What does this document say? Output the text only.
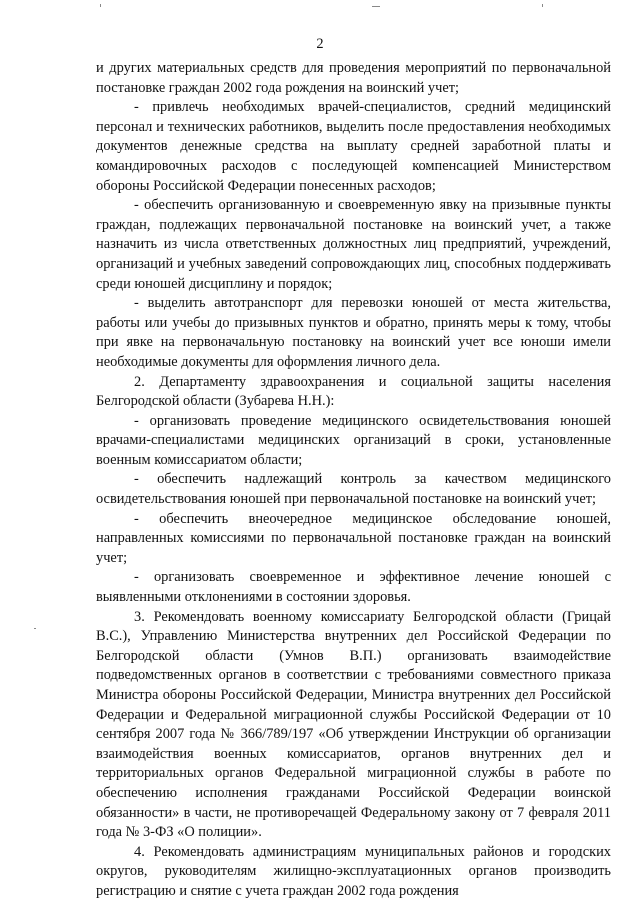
2

и других материальных средств для проведения мероприятий по первоначальной постановке граждан 2002 года рождения на воинский учет;

- привлечь необходимых врачей-специалистов, средний медицинский персонал и технических работников, выделить после предоставления необходимых документов денежные средства на выплату средней заработной платы и командировочных расходов с последующей компенсацией Министерством обороны Российской Федерации понесенных расходов;

- обеспечить организованную и своевременную явку на призывные пункты граждан, подлежащих первоначальной постановке на воинский учет, а также назначить из числа ответственных должностных лиц предприятий, учреждений, организаций и учебных заведений сопровождающих лиц, способных поддерживать среди юношей дисциплину и порядок;

- выделить автотранспорт для перевозки юношей от места жительства, работы или учебы до призывных пунктов и обратно, принять меры к тому, чтобы при явке на первоначальную постановку на воинский учет все юноши имели необходимые документы для оформления личного дела.

2. Департаменту здравоохранения и социальной защиты населения Белгородской области (Зубарева Н.Н.):

- организовать проведение медицинского освидетельствования юношей врачами-специалистами медицинских организаций в сроки, установленные военным комиссариатом области;

- обеспечить надлежащий контроль за качеством медицинского освидетельствования юношей при первоначальной постановке на воинский учет;

- обеспечить внеочередное медицинское обследование юношей, направленных комиссиями по первоначальной постановке граждан на воинский учет;

- организовать своевременное и эффективное лечение юношей с выявленными отклонениями в состоянии здоровья.

3. Рекомендовать военному комиссариату Белгородской области (Грицай В.С.), Управлению Министерства внутренних дел Российской Федерации по Белгородской области (Умнов В.П.) организовать взаимодействие подведомственных органов в соответствии с требованиями совместного приказа Министра обороны Российской Федерации, Министра внутренних дел Российской Федерации и Федеральной миграционной службы Российской Федерации от 10 сентября 2007 года № 366/789/197 «Об утверждении Инструкции об организации взаимодействия военных комиссариатов, органов внутренних дел и территориальных органов Федеральной миграционной службы в работе по обеспечению исполнения гражданами Российской Федерации воинской обязанности» в части, не противоречащей Федеральному закону от 7 февраля 2011 года № 3-ФЗ «О полиции».

4. Рекомендовать администрациям муниципальных районов и городских округов, руководителям жилищно-эксплуатационных органов производить регистрацию и снятие с учета граждан 2002 года рождения
